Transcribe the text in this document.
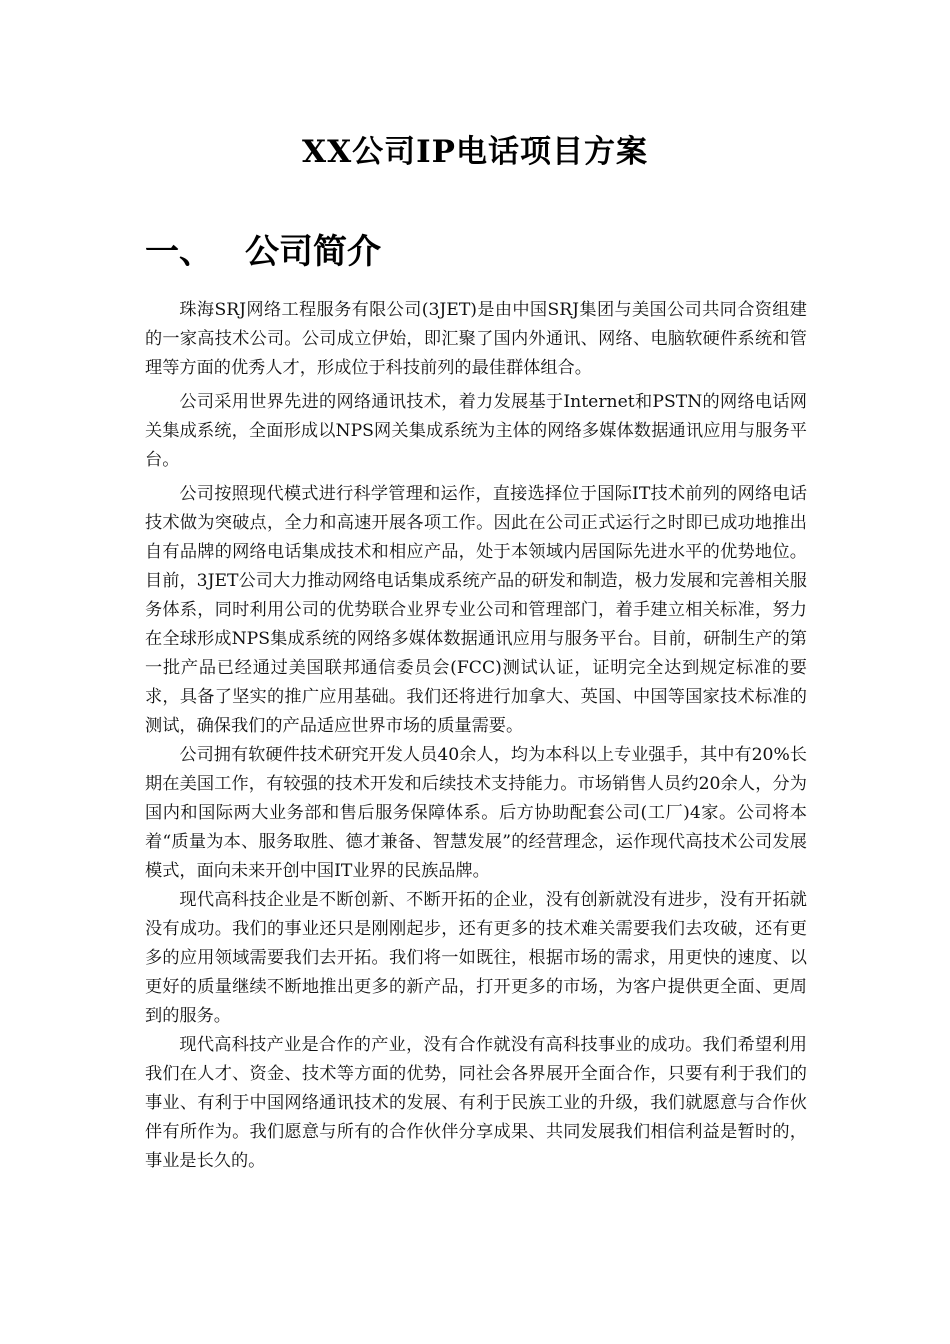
XX公司IP电话项目方案
一、 公司简介

珠海SRJ网络工程服务有限公司(3JET)是由中国SRJ集团与美国公司共同合资组建的一家高技术公司。公司成立伊始，即汇聚了国内外通讯、网络、电脑软硬件系统和管理等方面的优秀人才，形成位于科技前列的最佳群体组合。

公司采用世界先进的网络通讯技术，着力发展基于Internet和PSTN的网络电话网关集成系统，全面形成以NPS网关集成系统为主体的网络多媒体数据通讯应用与服务平台。

公司按照现代模式进行科学管理和运作，直接选择位于国际IT技术前列的网络电话技术做为突破点，全力和高速开展各项工作。因此在公司正式运行之时即已成功地推出自有品牌的网络电话集成技术和相应产品，处于本领域内居国际先进水平的优势地位。目前，3JET公司大力推动网络电话集成系统产品的研发和制造，极力发展和完善相关服务体系，同时利用公司的优势联合业界专业公司和管理部门，着手建立相关标准，努力在全球形成NPS集成系统的网络多媒体数据通讯应用与服务平台。目前，研制生产的第一批产品已经通过美国联邦通信委员会(FCC)测试认证，证明完全达到规定标准的要求，具备了坚实的推广应用基础。我们还将进行加拿大、英国、中国等国家技术标准的测试，确保我们的产品适应世界市场的质量需要。

公司拥有软硬件技术研究开发人员40余人，均为本科以上专业强手，其中有20%长期在美国工作，有较强的技术开发和后续技术支持能力。市场销售人员约20余人，分为国内和国际两大业务部和售后服务保障体系。后方协助配套公司(工厂)4家。公司将本着“质量为本、服务取胜、德才兼备、智慧发展”的经营理念，运作现代高技术公司发展模式，面向未来开创中国IT业界的民族品牌。

现代高科技企业是不断创新、不断开拓的企业，没有创新就没有进步，没有开拓就没有成功。我们的事业还只是刚刚起步，还有更多的技术难关需要我们去攻破，还有更多的应用领域需要我们去开拓。我们将一如既往，根据市场的需求，用更快的速度、以更好的质量继续不断地推出更多的新产品，打开更多的市场，为客户提供更全面、更周到的服务。

现代高科技产业是合作的产业，没有合作就没有高科技事业的成功。我们希望利用我们在人才、资金、技术等方面的优势，同社会各界展开全面合作，只要有利于我们的事业、有利于中国网络通讯技术的发展、有利于民族工业的升级，我们就愿意与合作伙伴有所作为。我们愿意与所有的合作伙伴分享成果、共同发展我们相信利益是暂时的，事业是长久的。
